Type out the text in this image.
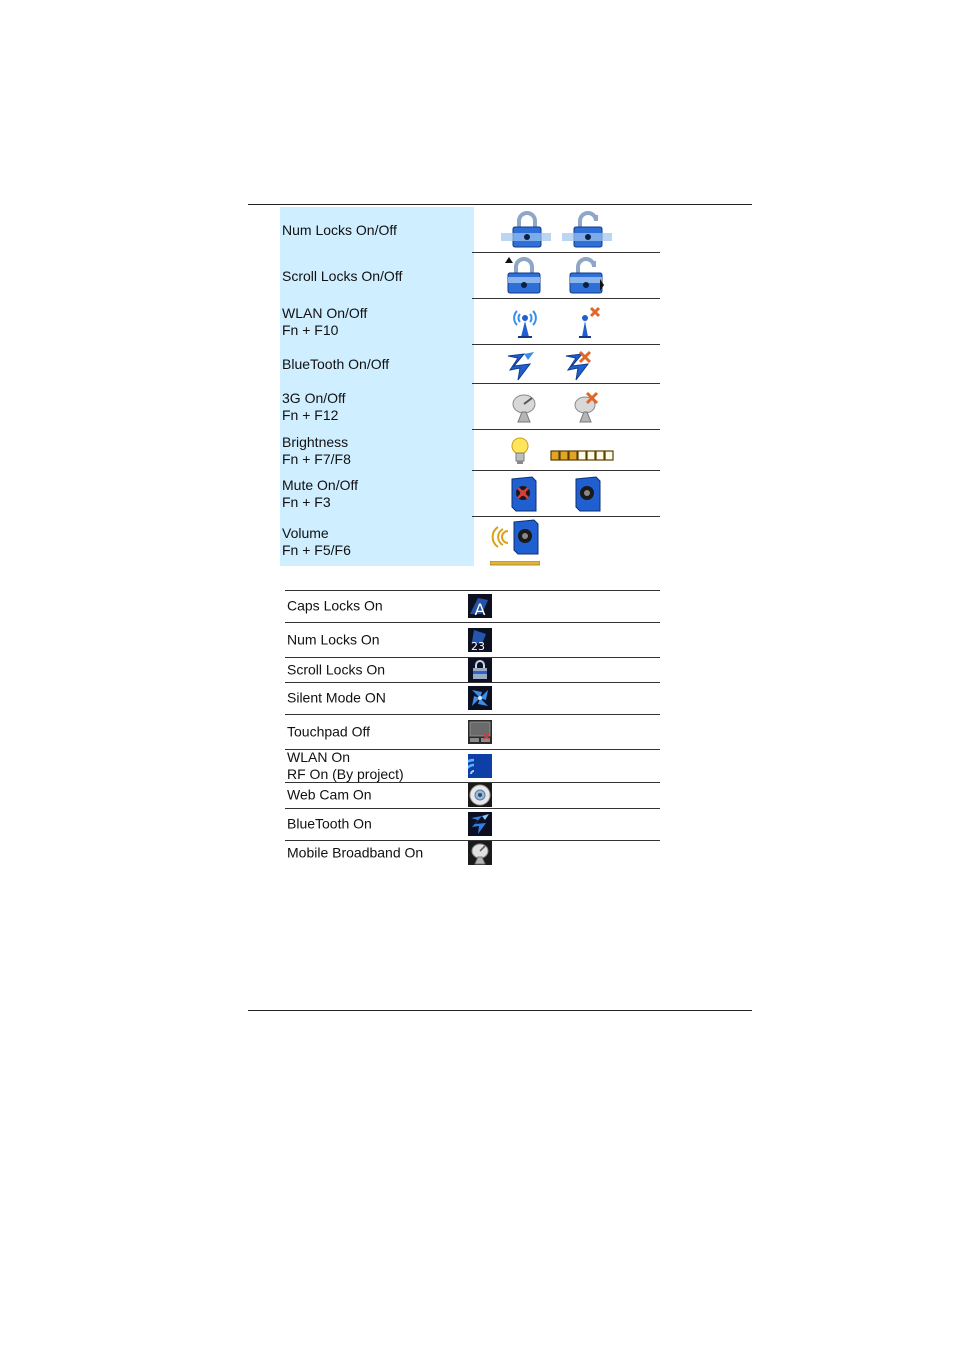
Num Locks On/Off
Scroll Locks On/Off
WLAN On/Off
Fn + F10
BlueTooth On/Off
3G On/Off
Fn + F12
Brightness
Fn + F7/F8
Mute On/Off
Fn + F3
Volume
Fn + F5/F6
Caps Locks On	A
Num Locks On	23
Scroll Locks On
Silent Mode ON
Touchpad Off
WLAN On
RF On (By project)
Web Cam On
BlueTooth On
Mobile Broadband On
